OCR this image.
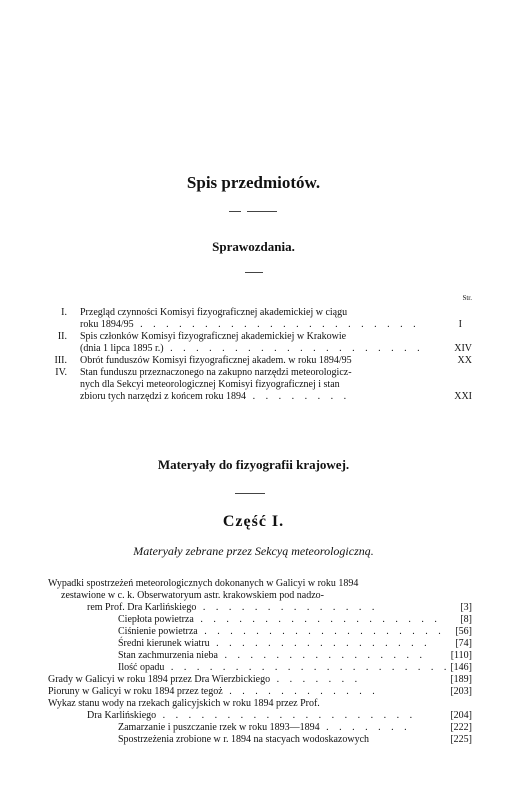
Spis przedmiotów.
Sprawozdania.
Str.
I. Przegląd czynności Komisyi fizyograficznej akademickiej w ciągu
roku 1894/95 . . . . . . . . . . . . . . . . . . . . . .	I
II. Spis członków Komisyi fizyograficznej akademickiej w Krakowie
(dnia 1 lipca 1895 r.) . . . . . . . . . . . . . . . . . . . .	XIV
III. Obrót funduszów Komisyi fizyograficznej akadem. w roku 1894/95	XX
IV. Stan funduszu przeznaczonego na zakupno narzędzi meteorologicz-
nych dla Sekcyi meteorologicznej Komisyi fizyograficznej i stan
zbioru tych narzędzi z końcem roku 1894 . . . . . . . .	XXI
Materyały do fizyografii krajowej.
Część I.
Materyały zebrane przez Sekcyą meteorologiczną.
Wypadki spostrzeżeń meteorologicznych dokonanych w Galicyi w roku 1894
zestawione w c. k. Obserwatoryum astr. krakowskiem pod nadzo-
rem Prof. Dra Karlińskiego . . . . . . . . . . . . . .	[3]
Ciepłota powietrza . . . . . . . . . . . . . . . . . . . [8]
Ciśnienie powietrza . . . . . . . . . . . . . . . . . . . [56]
Średni kierunek wiatru . . . . . . . . . . . . . . . . . [74]
Stan zachmurzenia nieba . . . . . . . . . . . . . . . . [110]
Ilość opadu . . . . . . . . . . . . . . . . . . . . . . [146]
Grady w Galicyi w roku 1894 przez Dra Wierzbickiego . . . . . . .	[189]
Pioruny w Galicyi w roku 1894 przez tegoż . . . . . . . . . . . .	[203]
Wykaz stanu wody na rzekach galicyjskich w roku 1894 przez Prof.
Dra Karlińskiego . . . . . . . . . . . . . . . . . . . .	[204]
Zamarzanie i puszczanie rzek w roku 1893—1894 . . . . . . .	[222]
Spostrzeżenia zrobione w r. 1894 na stacyach wodoskazowych	[225]
